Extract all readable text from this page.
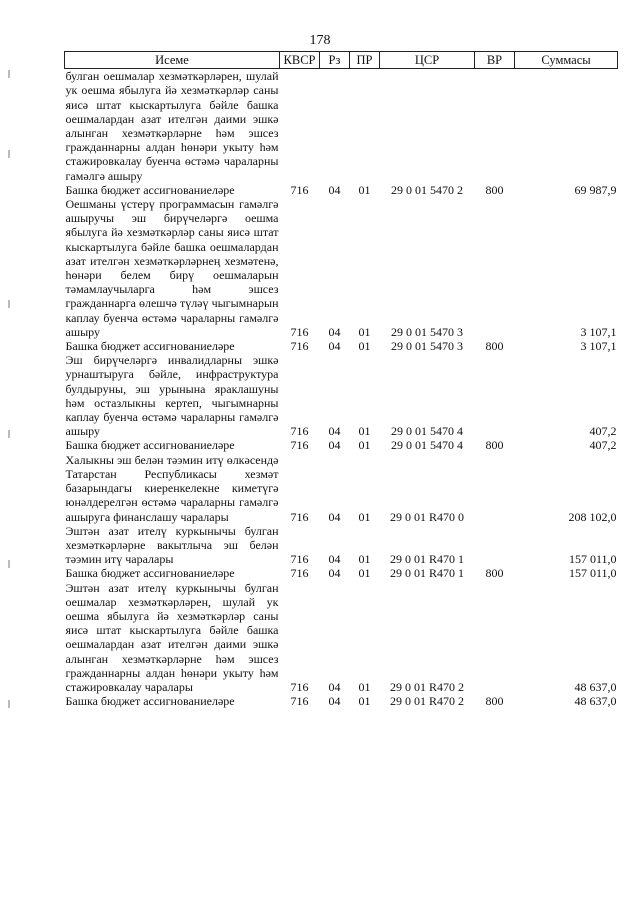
178
Исеме	КВСР	Рз	ПР	ЦСР	ВР	Суммасы
булган оешмалар хезмәткәрләрен, шулай ук оешма ябылуга йә хезмәткәрләр саны яисә штат кыскартылуга бәйле башка оешмалардан азат ителгән даими эшкә алынган хезмәткәрләрне һәм эшсез гражданнарны алдан һөнәри укыту һәм стажировкалау буенча өстәмә чараларны гамәлгә ашыру						
Башка бюджет ассигнованиеләре	716	04	01	29 0 01 5470 2	800	69 987,9
Оешманы үстерү программасын гамәлгә ашыручы эш бирүчеләргә оешма ябылуга йә хезмәткәрләр саны яисә штат кыскартылуга бәйле башка оешмалардан азат ителгән хезмәткәрләрнең хезмәтенә, һөнәри белем бирү оешмаларын тәмамлаучыларга һәм эшсез гражданнарга өлешчә түләү чыгымнарын каплау буенча өстәмә чараларны гамәлгә ашыру	716	04	01	29 0 01 5470 3		3 107,1
Башка бюджет ассигнованиеләре	716	04	01	29 0 01 5470 3	800	3 107,1
Эш бирүчеләргә инвалидларны эшкә урнаштыруга бәйле, инфраструктура булдыруны, эш урынына яраклашуны һәм остазлыкны кертеп, чыгымнарны каплау буенча өстәмә чараларны гамәлгә ашыру	716	04	01	29 0 01 5470 4		407,2
Башка бюджет ассигнованиеләре	716	04	01	29 0 01 5470 4	800	407,2
Халыкны эш белән тәэмин итү өлкәсендә Татарстан Республикасы хезмәт базарындагы киеренкелекне киметүгә юнәлдерелгән өстәмә чараларны гамәлгә ашыруга финанслашу чаралары	716	04	01	29 0 01 R470 0		208 102,0
Эштән азат ителү куркынычы булган хезмәткәрләрне вакытлыча эш белән тәэмин итү чаралары	716	04	01	29 0 01 R470 1		157 011,0
Башка бюджет ассигнованиеләре	716	04	01	29 0 01 R470 1	800	157 011,0
Эштән азат ителү куркынычы булган оешмалар хезмәткәрләрен, шулай ук оешма ябылуга йә хезмәткәрләр саны яисә штат кыскартылуга бәйле башка оешмалардан азат ителгән даими эшкә алынган хезмәткәрләрне һәм эшсез гражданнарны алдан һөнәри укыту һәм стажировкалау чаралары	716	04	01	29 0 01 R470 2		48 637,0
Башка бюджет ассигнованиеләре	716	04	01	29 0 01 R470 2	800	48 637,0
